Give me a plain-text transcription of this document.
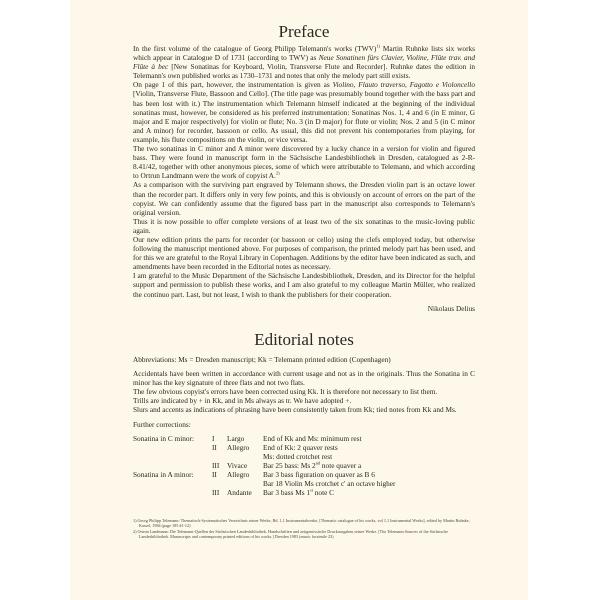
Preface

In the first volume of the catalogue of Georg Philipp Telemann's works (TWV)$^{1)}$ Martin Ruhnke lists six works which appear in Catalogue D of 1731 (according to TWV) as Neue Sonatinen fürs Clavier, Violine, Flûte trav. and Flûte à bec [New Sonatinas for Keyboard, Violin, Transverse Flute and Recorder]. Ruhnke dates the edition in Telemann's own published works as 1730–1731 and notes that only the melody part still exists.

On page 1 of this part, however, the instrumentation is given as Violino, Flauto traverso, Fagotto e Violoncello [Violin, Transverse Flute, Bassoon and Cello]. (The title page was presumably bound together with the bass part and has been lost with it.) The instrumentation which Telemann himself indicated at the beginning of the individual sonatinas must, however, be considered as his preferred instrumentation: Sonatinas Nos. 1, 4 and 6 (in E minor, G major and E major respectively) for violin or flute; No. 3 (in D major) for flute or violin; Nos. 2 and 5 (in C minor and A minor) for recorder, bassoon or cello. As usual, this did not prevent his contemporaries from playing, for example, his flute compositions on the violin, or vice versa.

The two sonatinas in C minor and A minor were discovered by a lucky chance in a version for violin and figured bass. They were found in manuscript form in the Sächsische Landesbibliothek in Dresden, catalogued as 2-R-8.41/42, together with other anonymous pieces, some of which were attributable to Telemann, and which according to Ortrun Landmann were the work of copyist A.$^{2)}$

As a comparison with the surviving part engraved by Telemann shows, the Dresden violin part is an octave lower than the recorder part. It differs only in very few points, and this is obviously on account of errors on the part of the copyist. We can confidently assume that the figured bass part in the manuscript also corresponds to Telemann's original version.

Thus it is now possible to offer complete versions of at least two of the six sonatinas to the music-loving public again.

Our new edition prints the parts for recorder (or bassoon or cello) using the clefs employed today, but otherwise following the manuscript mentioned above. For purposes of comparison, the printed melody part has been used, and for this we are grateful to the Royal Library in Copenhagen. Additions by the editor have been indicated as such, and amendments have been recorded in the Editorial notes as necessary.

I am grateful to the Music Department of the Sächsische Landesbibliothek, Dresden, and its Director for the helpful support and permission to publish these works, and I am also grateful to my colleague Martin Müller, who realized the continuo part. Last, but not least, I wish to thank the publishers for their cooperation.

Nikolaus Delius

Editorial notes

Abbreviations: Ms = Dresden manuscript; Kk = Telemann printed edition (Copenhagen)

Accidentals have been written in accordance with current usage and not as in the originals. Thus the Sonatina in C minor has the key signature of three flats and not two flats.

The few obvious copyist's errors have been corrected using Kk. It is therefore not necessary to list them.

Trills are indicated by + in Kk, and in Ms always as tr. We have adopted +.

Slurs and accents as indications of phrasing have been consistently taken from Kk; tied notes from Kk and Ms.

Further corrections:

Sonatina in C minor:	I	Largo	End of Kk and Ms: minimum rest
	II	Allegro	End of Kk: 2 quaver rests
			Ms: dotted crotchet rest
	III	Vivace	Bar 25 bass: Ms 2nd note quaver a
Sonatina in A minor:	II	Allegro	Bar 3 bass figuration on quaver as B 6
			Bar 18 Violin Ms crotchet c' an octave higher
	III	Andante	Bar 3 bass Ms 1st note C

1) Georg Philipp Telemann: Thematisch-Systematisches Verzeichnis seiner Werke, Bd. 1,1 Instrumentalwerke, [Thematic catalogue of his works, vol 1,1 Instrumental Works], edited by Martin Ruhnke, Kassel, 1984 (page 185 #1-12)

2) Ortrun Landmann: Die Telemann-Quellen der Sächsischen Landesbibliothek. Handschriften und zeitgenössische Druckausgaben seiner Werke. [The Telemann Sources of the Sächsische Landesbibliothek. Manuscripts and contemporary printed editions of his works.] Dresden 1983 (music facsimile 23)
